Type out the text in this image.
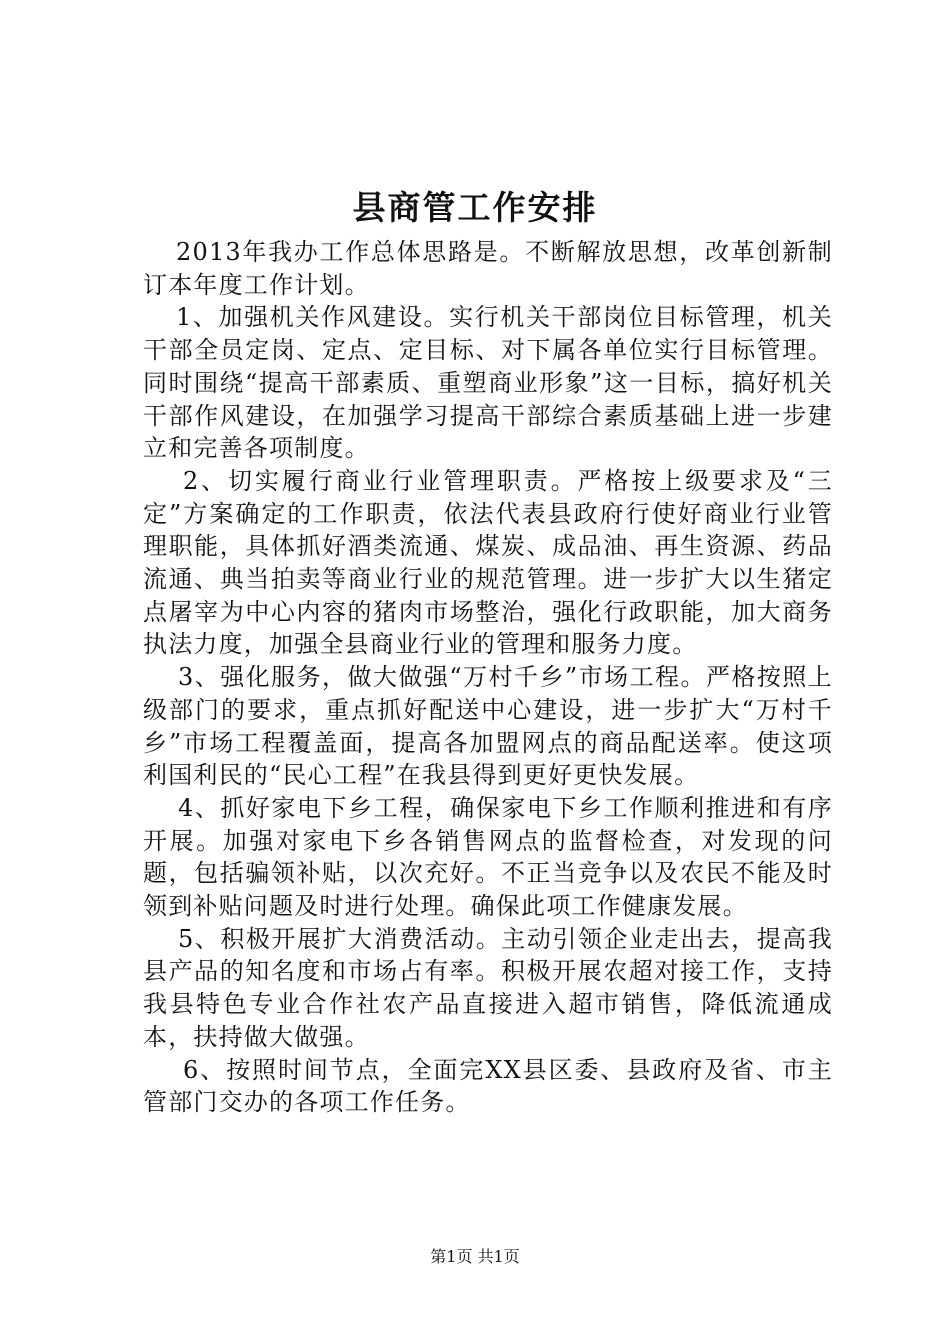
县商管工作安排

2013年我办工作总体思路是。不断解放思想，改革创新制订本年度工作计划。

1、加强机关作风建设。实行机关干部岗位目标管理，机关干部全员定岗、定点、定目标、对下属各单位实行目标管理。同时围绕“提高干部素质、重塑商业形象”这一目标，搞好机关干部作风建设，在加强学习提高干部综合素质基础上进一步建立和完善各项制度。

2、切实履行商业行业管理职责。严格按上级要求及“三定”方案确定的工作职责，依法代表县政府行使好商业行业管理职能，具体抓好酒类流通、煤炭、成品油、再生资源、药品流通、典当拍卖等商业行业的规范管理。进一步扩大以生猪定点屠宰为中心内容的猪肉市场整治，强化行政职能，加大商务执法力度，加强全县商业行业的管理和服务力度。

3、强化服务，做大做强“万村千乡”市场工程。严格按照上级部门的要求，重点抓好配送中心建设，进一步扩大“万村千乡”市场工程覆盖面，提高各加盟网点的商品配送率。使这项利国利民的“民心工程”在我县得到更好更快发展。

4、抓好家电下乡工程，确保家电下乡工作顺利推进和有序开展。加强对家电下乡各销售网点的监督检查，对发现的问题，包括骗领补贴，以次充好。不正当竞争以及农民不能及时领到补贴问题及时进行处理。确保此项工作健康发展。

5、积极开展扩大消费活动。主动引领企业走出去，提高我县产品的知名度和市场占有率。积极开展农超对接工作，支持我县特色专业合作社农产品直接进入超市销售，降低流通成本，扶持做大做强。

6、按照时间节点，全面完XX县区委、县政府及省、市主管部门交办的各项工作任务。

第1页 共1页
